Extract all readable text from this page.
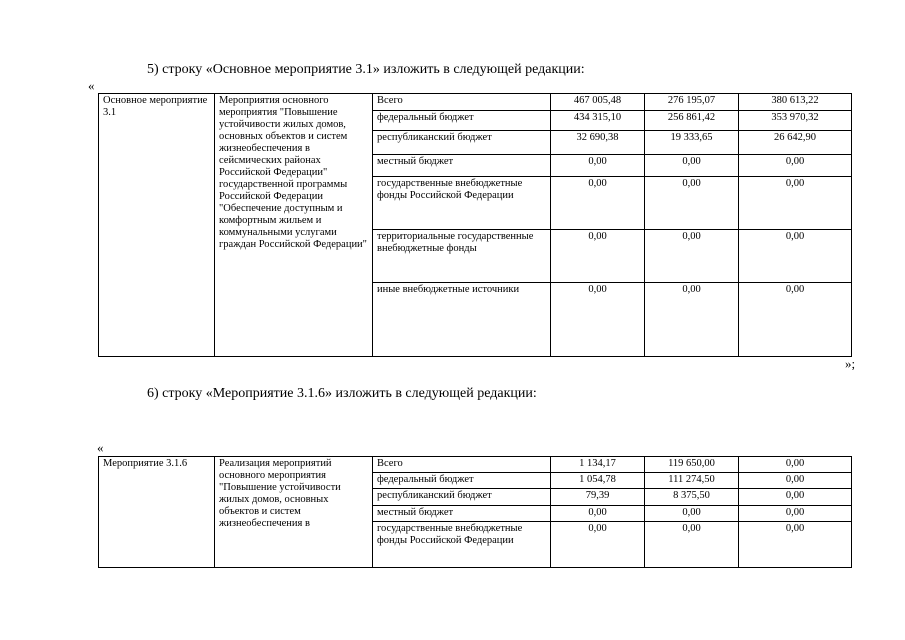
5) строку «Основное мероприятие 3.1» изложить в следующей редакции:
«
Основное мероприятие 3.1	Мероприятия основного мероприятия "Повышение устойчивости жилых домов, основных объектов и систем жизнеобеспечения в сейсмических районах Российской Федерации" государственной программы Российской Федерации "Обеспечение доступным и комфортным жильем и коммунальными услугами граждан Российской Федерации"	Всего	467 005,48	276 195,07	380 613,22
		федеральный бюджет	434 315,10	256 861,42	353 970,32
		республиканский бюджет	32 690,38	19 333,65	26 642,90
		местный бюджет	0,00	0,00	0,00
		государственные внебюджетные фонды Российской Федерации	0,00	0,00	0,00
		территориальные государственные внебюджетные фонды	0,00	0,00	0,00
		иные внебюджетные источники	0,00	0,00	0,00
»;
6) строку «Мероприятие 3.1.6» изложить в следующей редакции:
«
Мероприятие 3.1.6	Реализация мероприятий основного мероприятия "Повышение устойчивости жилых домов, основных объектов и систем жизнеобеспечения в	Всего	1 134,17	119 650,00	0,00
		федеральный бюджет	1 054,78	111 274,50	0,00
		республиканский бюджет	79,39	8 375,50	0,00
		местный бюджет	0,00	0,00	0,00
		государственные внебюджетные фонды Российской Федерации	0,00	0,00	0,00
